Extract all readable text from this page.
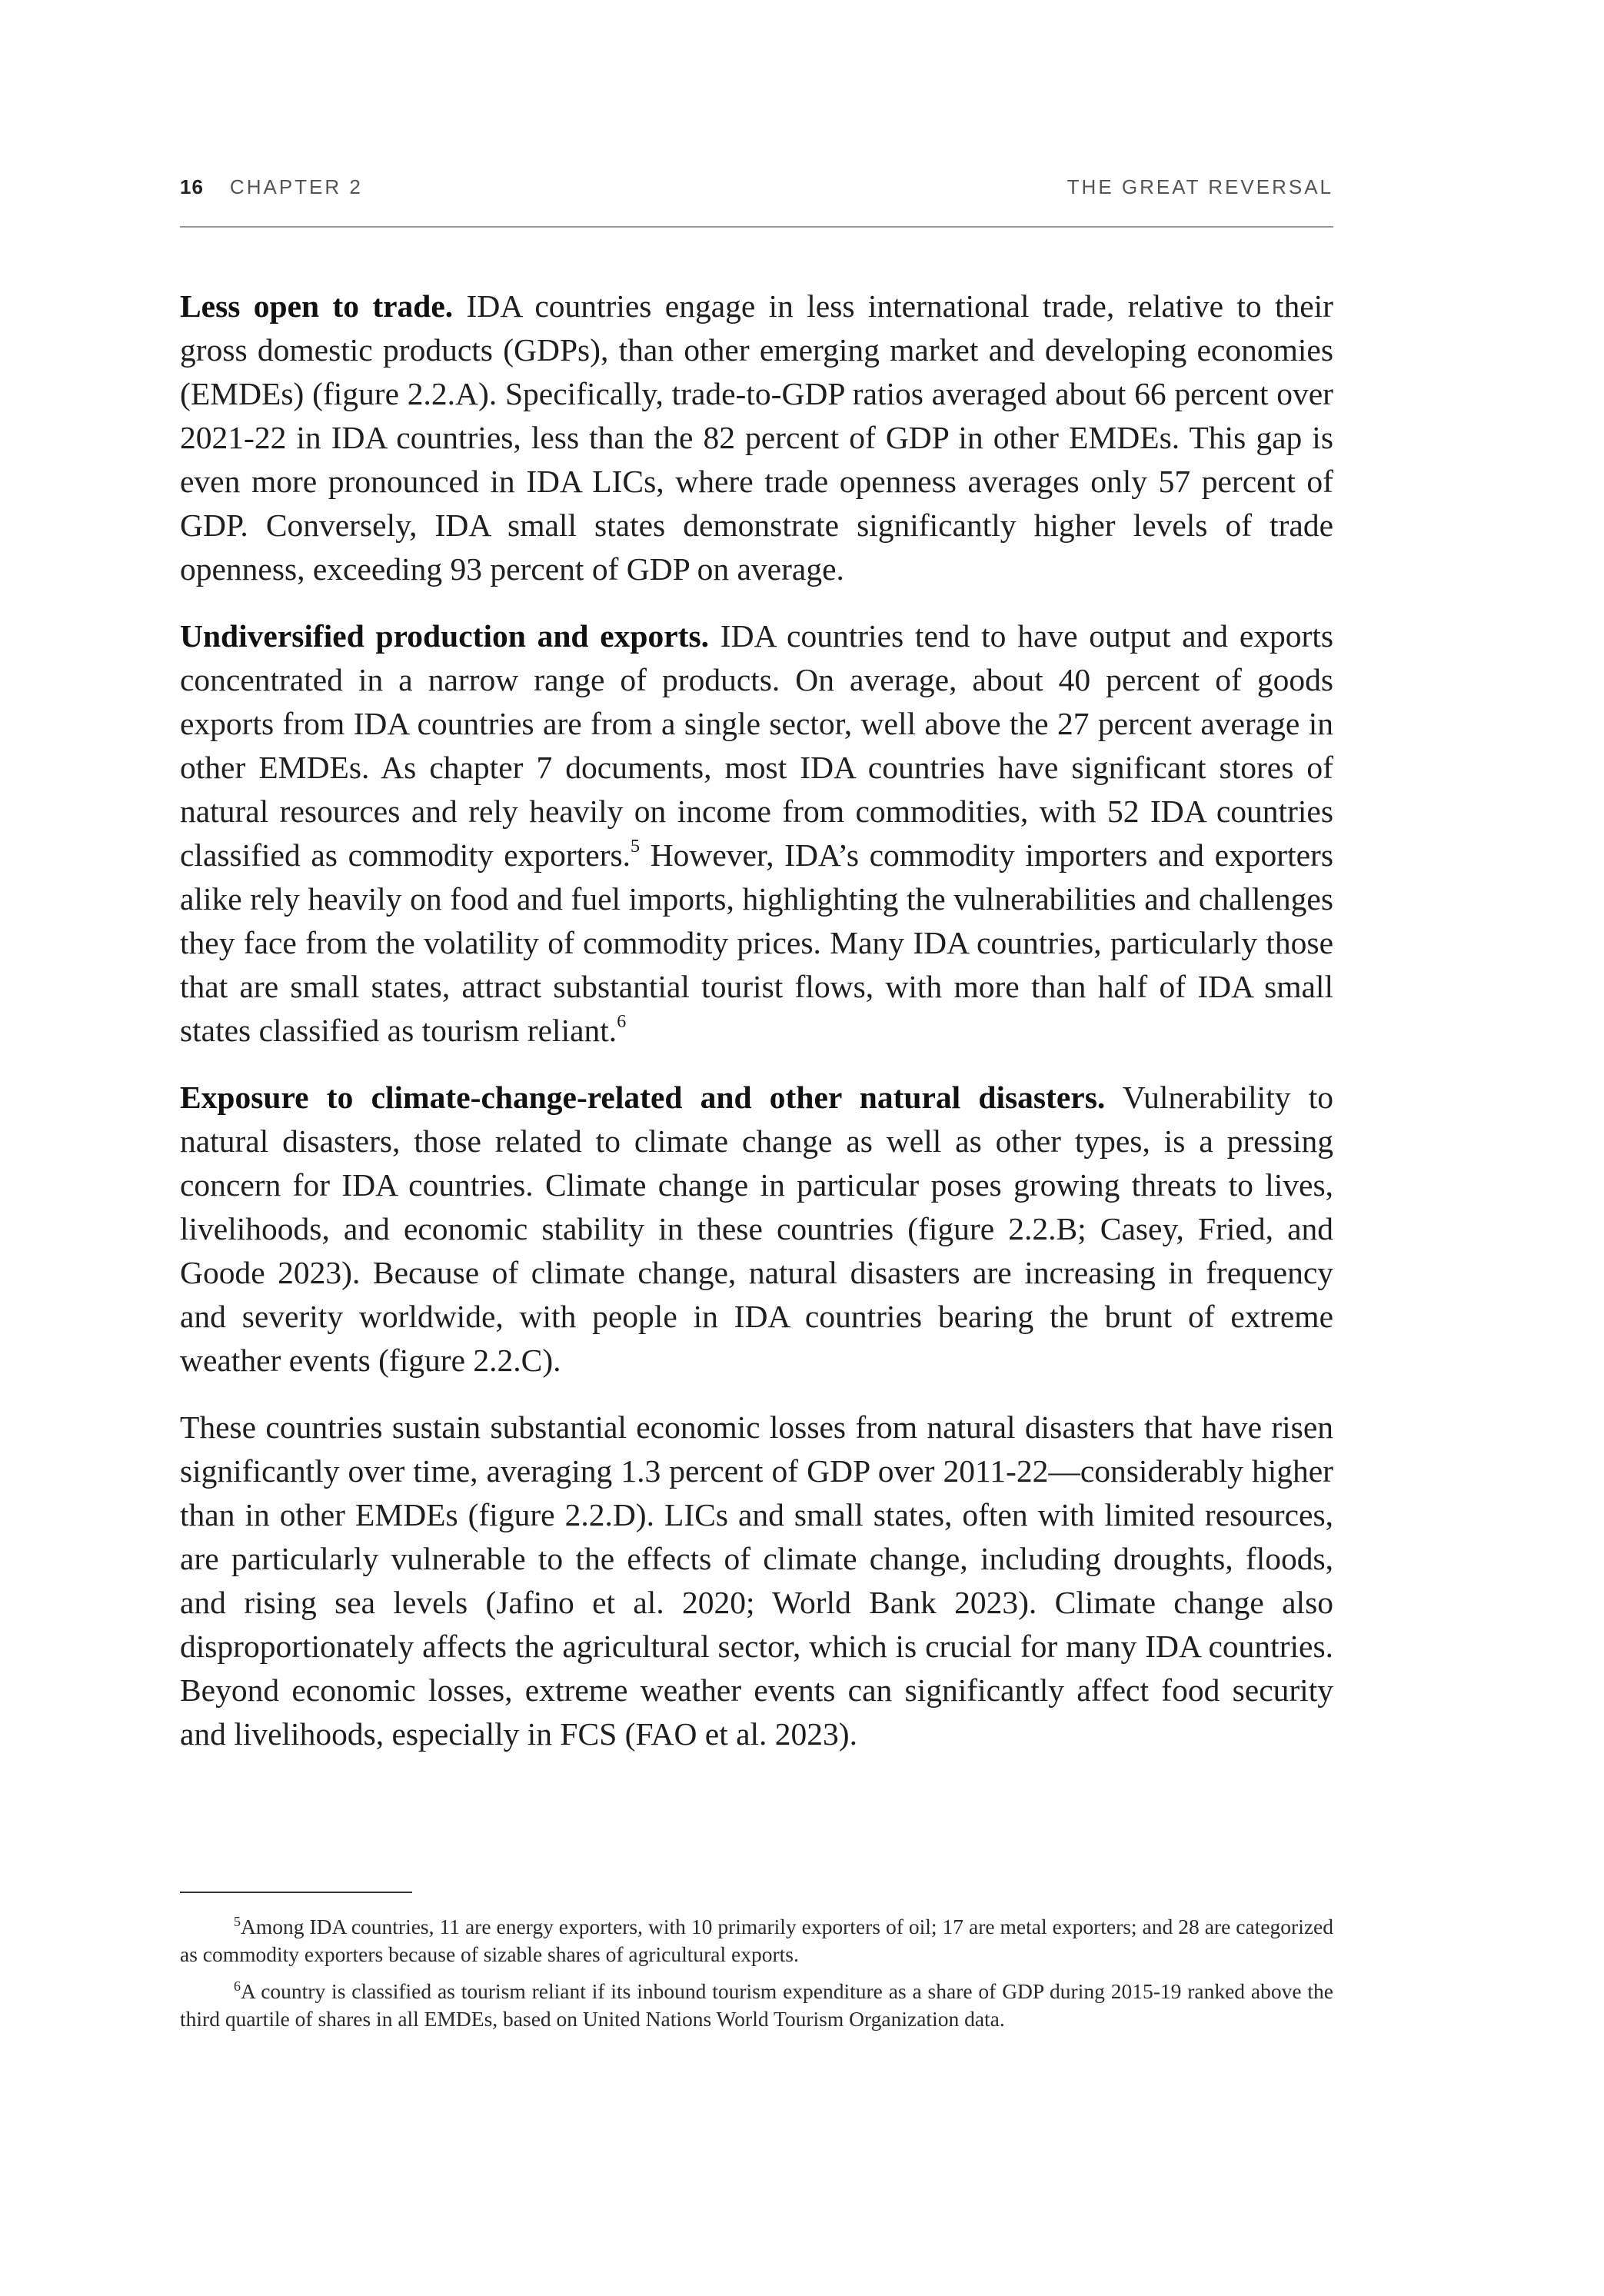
16 CHAPTER 2	THE GREAT REVERSAL

Less open to trade. IDA countries engage in less international trade, relative to their gross domestic products (GDPs), than other emerging market and developing economies (EMDEs) (figure 2.2.A). Specifically, trade-to-GDP ratios averaged about 66 percent over 2021-22 in IDA countries, less than the 82 percent of GDP in other EMDEs. This gap is even more pronounced in IDA LICs, where trade openness averages only 57 percent of GDP. Conversely, IDA small states demonstrate significantly higher levels of trade openness, exceeding 93 percent of GDP on average.

Undiversified production and exports. IDA countries tend to have output and exports concentrated in a narrow range of products. On average, about 40 percent of goods exports from IDA countries are from a single sector, well above the 27 percent average in other EMDEs. As chapter 7 documents, most IDA countries have significant stores of natural resources and rely heavily on income from commodities, with 52 IDA countries classified as commodity exporters.$^5$ However, IDA’s commodity importers and exporters alike rely heavily on food and fuel imports, highlighting the vulnerabilities and challenges they face from the volatility of commodity prices. Many IDA countries, particularly those that are small states, attract substantial tourist flows, with more than half of IDA small states classified as tourism reliant.$^6$

Exposure to climate-change-related and other natural disasters. Vulnerability to natural disasters, those related to climate change as well as other types, is a pressing concern for IDA countries. Climate change in particular poses growing threats to lives, livelihoods, and economic stability in these countries (figure 2.2.B; Casey, Fried, and Goode 2023). Because of climate change, natural disasters are increasing in frequency and severity worldwide, with people in IDA countries bearing the brunt of extreme weather events (figure 2.2.C).

These countries sustain substantial economic losses from natural disasters that have risen significantly over time, averaging 1.3 percent of GDP over 2011-22—considerably higher than in other EMDEs (figure 2.2.D). LICs and small states, often with limited resources, are particularly vulnerable to the effects of climate change, including droughts, floods, and rising sea levels (Jafino et al. 2020; World Bank 2023). Climate change also disproportionately affects the agricultural sector, which is crucial for many IDA countries. Beyond economic losses, extreme weather events can significantly affect food security and livelihoods, especially in FCS (FAO et al. 2023).

$^5$Among IDA countries, 11 are energy exporters, with 10 primarily exporters of oil; 17 are metal exporters; and 28 are categorized as commodity exporters because of sizable shares of agricultural exports.

$^6$A country is classified as tourism reliant if its inbound tourism expenditure as a share of GDP during 2015-19 ranked above the third quartile of shares in all EMDEs, based on United Nations World Tourism Organization data.
